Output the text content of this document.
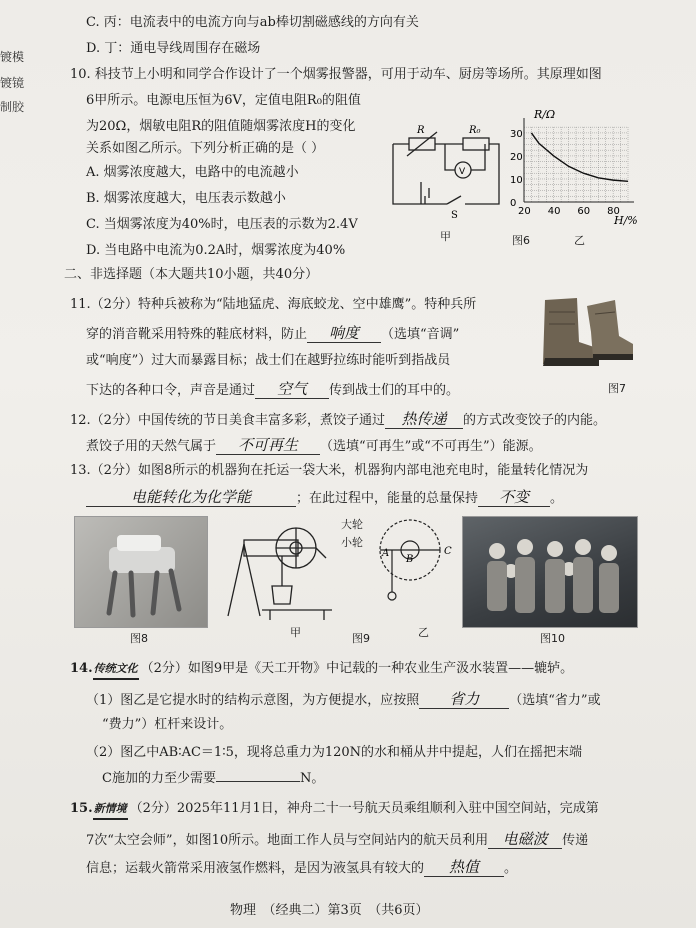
镀模
镀镜
制胶
C. 丙：电流表中的电流方向与ab棒切割磁感线的方向有关
D. 丁：通电导线周围存在磁场
10. 科技节上小明和同学合作设计了一个烟雾报警器，可用于动车、厨房等场所。其原理如图
6甲所示。电源电压恒为6V，定值电阻R₀的阻值
为20Ω，烟敏电阻R的阻值随烟雾浓度H的变化
关系如图乙所示。下列分析正确的是（ ）
A. 烟雾浓度越大，电路中的电流越小
B. 烟雾浓度越大，电压表示数越小
C. 当烟雾浓度为40%时，电压表的示数为2.4V
D. 当电路中电流为0.2A时，烟雾浓度为40%
R	R₀
V
S
甲
R/Ω
H/%
20 40 60 80
0
10
20
30
图6	乙
二、非选择题（本大题共10小题，共40分）
11.（2分）特种兵被称为“陆地猛虎、海底蛟龙、空中雄鹰”。特种兵所
穿的消音靴采用特殊的鞋底材料，防止 响度 （选填“音调”
或“响度”）过大而暴露目标；战士们在越野拉练时能听到指战员
下达的各种口令，声音是通过 空气 传到战士们的耳中的。	图7
12.（2分）中国传统的节日美食丰富多彩，煮饺子通过 热传递 的方式改变饺子的内能。
煮饺子用的天然气属于 不可再生 （选填“可再生”或“不可再生”）能源。
13.（2分）如图8所示的机器狗在托运一袋大米，机器狗内部电池充电时，能量转化情况为
电能转化为化学能	；在此过程中，能量的总量保持 不变 。
图8	甲
A
B
C
大轮
小轮
乙
图9	图10
14.传统文化 （2分）如图9甲是《天工开物》中记载的一种农业生产汲水装置——辘轳。
（1）图乙是它提水时的结构示意图，为方便提水，应按照 省力 （选填“省力”或
“费力”）杠杆来设计。
（2）图乙中AB∶AC＝1∶5，现将总重力为120N的水和桶从井中提起，人们在摇把末端
C施加的力至少需要	N。
15.新情境 （2分）2025年11月1日，神舟二十一号航天员乘组顺利入驻中国空间站，完成第
7次“太空会师”，如图10所示。地面工作人员与空间站内的航天员利用 电磁波 传递
信息；运载火箭常采用液氢作燃料，是因为液氢具有较大的 热值 。
物理　（经典二）第3页　（共6页）
